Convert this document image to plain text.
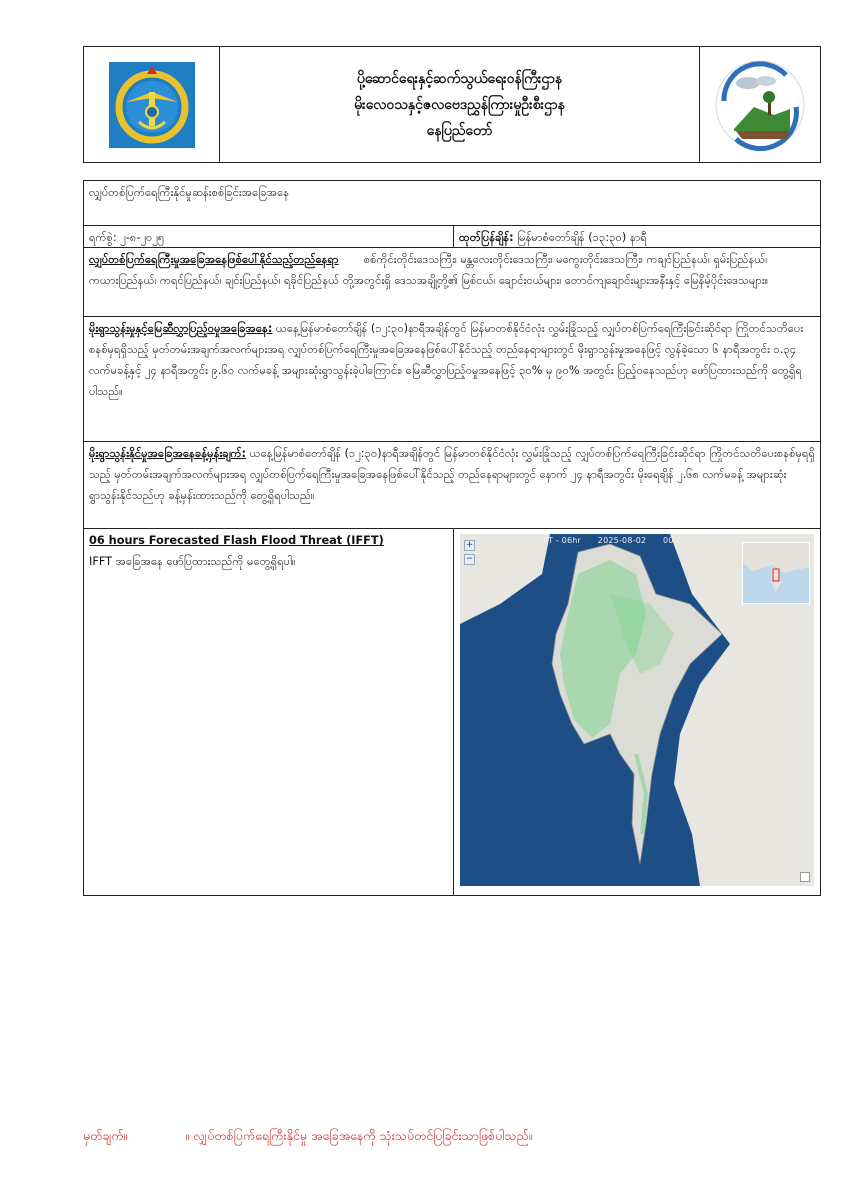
ပို့ဆောင်ရေးနှင့်ဆက်သွယ်ရေးဝန်ကြီးဌာန
မိုးလေဝသနှင့်ဇလဗေဒညွှန်ကြားမှုဦးစီးဌာန
နေပြည်တော်
လျှပ်တစ်ပြက်ရေကြီးနိုင်မှုဆန်းစစ်ခြင်းအခြေအနေ
ရက်စွဲ: ၂-၈-၂၀၂၅	ထုတ်ပြန်ချိန်: မြန်မာစံတော်ချိန် (၁၃:၃၀) နာရီ
လျှပ်တစ်ပြက်ရေကြီးမှုအခြေအနေဖြစ်ပေါ်နိုင်သည့်တည်နေရာ စစ်ကိုင်းတိုင်းဒေသကြီး၊ မန္တလေးတိုင်းဒေသကြီး၊ မကွေးတိုင်းဒေသကြီး၊ ကချင်ပြည်နယ်၊ ရှမ်းပြည်နယ်၊ ကယားပြည်နယ်၊ ကရင်ပြည်နယ်၊ ချင်းပြည်နယ်၊ ရခိုင်ပြည်နယ် တို့အတွင်းရှိ ဒေသအချို့တို့၏ မြစ်ငယ်၊ ချောင်းငယ်များ၊ တောင်ကျချောင်းများအနီးနှင့် မြေနိမ့်ပိုင်းဒေသများ။
မိုးရွာသွန်းမှုနှင့်မြေဆီလွှာပြည့်ဝမှုအခြေအနေ: ယနေ့မြန်မာစံတော်ချိန် (၁၂:၃၀)နာရီအချိန်တွင် မြန်မာတစ်နိုင်ငံလုံး လွှမ်းခြုံသည့် လျှပ်တစ်ပြက်ရေကြီးခြင်းဆိုင်ရာ ကြိုတင်သတိပေးစနစ်မှရရှိသည့် မှတ်တမ်းအချက်အလက်များအရ လျှပ်တစ်ပြက်ရေကြီးမှုအခြေအနေဖြစ်ပေါ်နိုင်သည့် တည်နေရာများတွင် မိုးရွာသွန်းမှုအနေဖြင့် လွန်ခဲ့သော ၆ နာရီအတွင်း ၁.၃၄ လက်မခန့်နှင့် ၂၄ နာရီအတွင်း ၉.၆၀ လက်မခန့် အများဆုံးရွာသွန်းခဲ့ပါကြောင်း၊ မြေဆီလွှာပြည့်ဝမှုအနေဖြင့် ၃၀% မှ ၉၀% အတွင်း ပြည့်ဝနေသည်ဟု ဖော်ပြထားသည်ကို တွေ့ရှိရပါသည်။
မိုးရွာသွန်းနိုင်မှုအခြေအနေခန့်မှန်းချက်: ယနေ့မြန်မာစံတော်ချိန် (၁၂:၃၀)နာရီအချိန်တွင် မြန်မာတစ်နိုင်ငံလုံး လွှမ်းခြုံသည့် လျှပ်တစ်ပြက်ရေကြီးခြင်းဆိုင်ရာ ကြိုတင်သတိပေးစနစ်မှရရှိသည့် မှတ်တမ်းအချက်အလက်များအရ လျှပ်တစ်ပြက်ရေကြီးမှုအခြေအနေဖြစ်ပေါ်နိုင်သည့် တည်နေရာများတွင် နောက် ၂၄ နာရီအတွင်း မိုးရေချိန် ၂.၆၈ လက်မခန့် အများဆုံး ရွာသွန်းနိုင်သည်ဟု ခန့်မှန်းထားသည်ကို တွေ့ရှိရပါသည်။
06 hours Forecasted Flash Flood Threat (IFFT)
IFFT အခြေအနေ ဖော်ပြထားသည်ကို မတွေ့ရှိရပါ။
IFFT - 06hr 2025-08-02 00:00 UTC
+
−
မှတ်ချက်။	။ လျှပ်တစ်ပြက်ရေကြီးနိုင်မှု အခြေအနေကို သုံးသပ်တင်ပြခြင်းသာဖြစ်ပါသည်။
